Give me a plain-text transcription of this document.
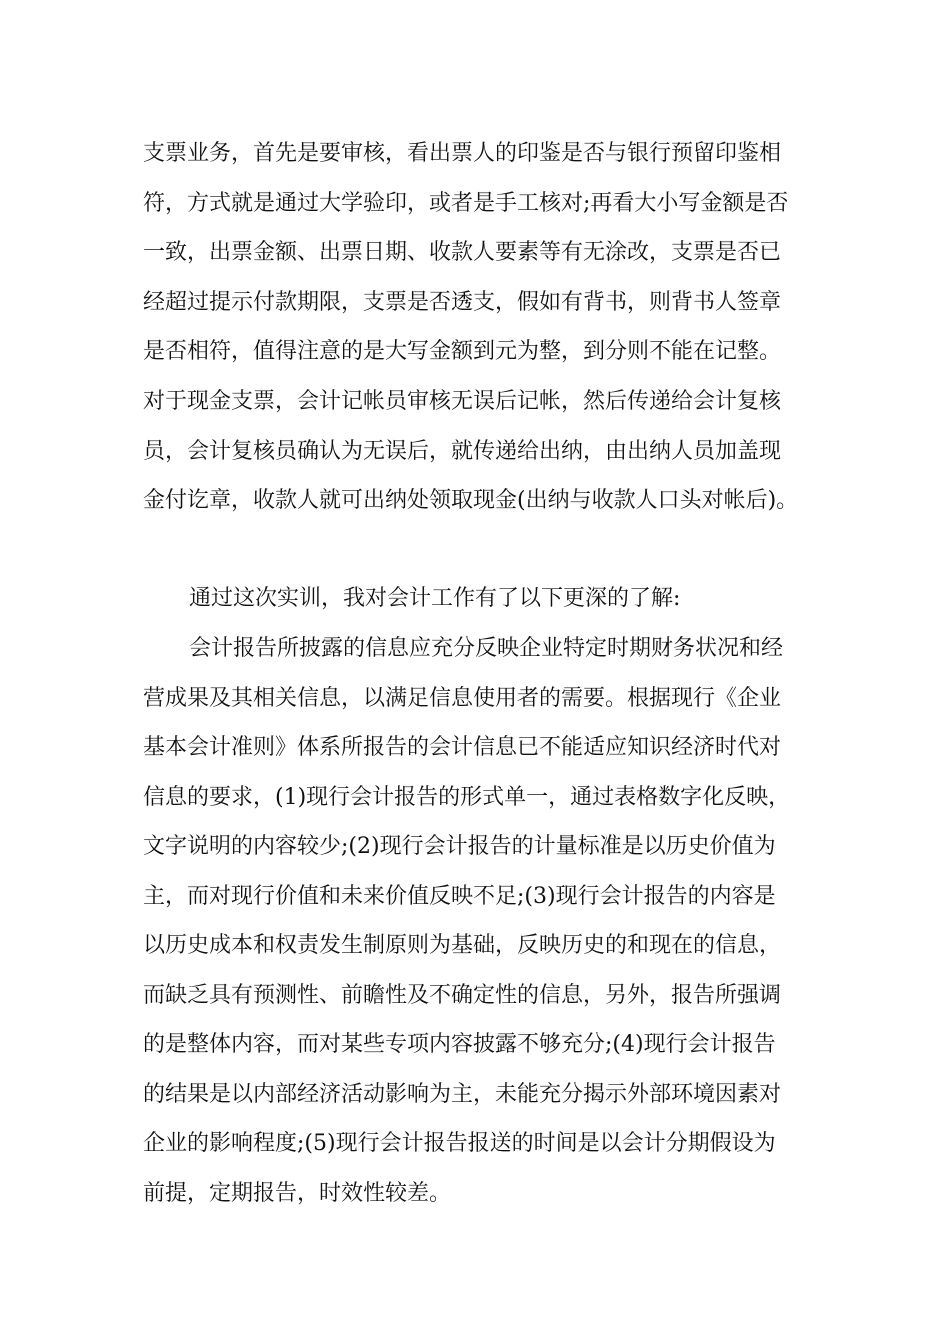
支票业务，首先是要审核，看出票人的印鉴是否与银行预留印鉴相

符，方式就是通过大学验印，或者是手工核对;再看大小写金额是否

一致，出票金额、出票日期、收款人要素等有无涂改，支票是否已

经超过提示付款期限，支票是否透支，假如有背书，则背书人签章

是否相符，值得注意的是大写金额到元为整，到分则不能在记整。

对于现金支票，会计记帐员审核无误后记帐，然后传递给会计复核

员，会计复核员确认为无误后，就传递给出纳，由出纳人员加盖现

金付讫章，收款人就可出纳处领取现金(出纳与收款人口头对帐后)。

通过这次实训，我对会计工作有了以下更深的了解:

会计报告所披露的信息应充分反映企业特定时期财务状况和经

营成果及其相关信息，以满足信息使用者的需要。根据现行《企业

基本会计准则》体系所报告的会计信息已不能适应知识经济时代对

信息的要求，(1)现行会计报告的形式单一，通过表格数字化反映，

文字说明的内容较少;(2)现行会计报告的计量标准是以历史价值为

主，而对现行价值和未来价值反映不足;(3)现行会计报告的内容是

以历史成本和权责发生制原则为基础，反映历史的和现在的信息，

而缺乏具有预测性、前瞻性及不确定性的信息，另外，报告所强调

的是整体内容，而对某些专项内容披露不够充分;(4)现行会计报告

的结果是以内部经济活动影响为主，未能充分揭示外部环境因素对

企业的影响程度;(5)现行会计报告报送的时间是以会计分期假设为

前提，定期报告，时效性较差。
